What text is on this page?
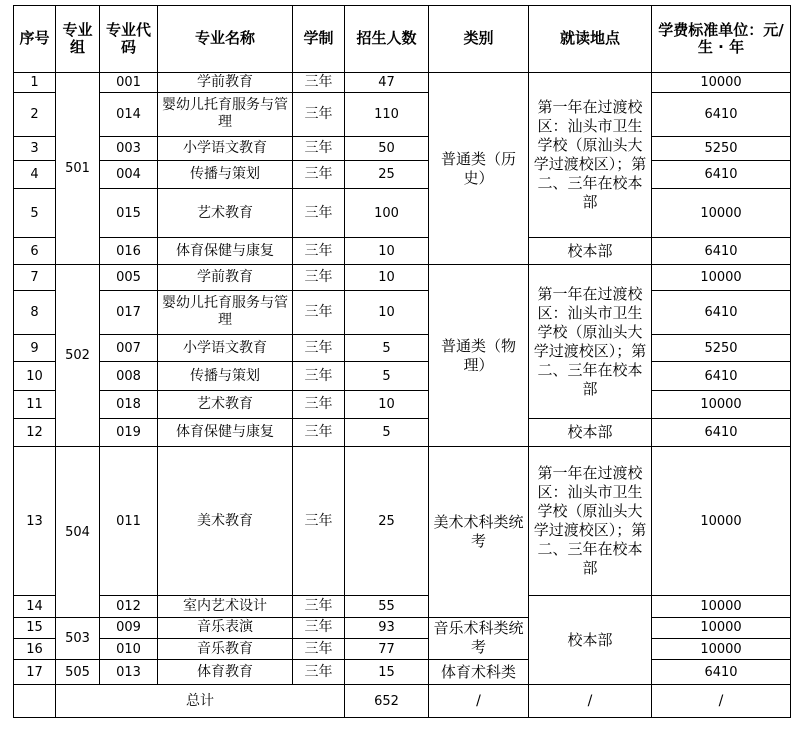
序号	专业组	专业代码	专业名称	学制	招生人数	类别	就读地点	学费标准单位：元/生 · 年
1	501	001	学前教育	三年	47	普通类（历史）	第一年在过渡校区：汕头市卫生学校（原汕头大学过渡校区）；第二、三年在校本部	10000
2		014	婴幼儿托育服务与管理	三年	110			6410
3		003	小学语文教育	三年	50			5250
4		004	传播与策划	三年	25			6410
5		015	艺术教育	三年	100			10000
6		016	体育保健与康复	三年	10		校本部	6410
7	502	005	学前教育	三年	10	普通类（物理）	第一年在过渡校区：汕头市卫生学校（原汕头大学过渡校区）；第二、三年在校本部	10000
8		017	婴幼儿托育服务与管理	三年	10			6410
9		007	小学语文教育	三年	5			5250
10		008	传播与策划	三年	5			6410
11		018	艺术教育	三年	10			10000
12		019	体育保健与康复	三年	5		校本部	6410
13	504	011	美术教育	三年	25	美术术科类统考	第一年在过渡校区：汕头市卫生学校（原汕头大学过渡校区）；第二、三年在校本部	10000
14		012	室内艺术设计	三年	55		校本部	10000
15	503	009	音乐表演	三年	93	音乐术科类统考		10000
16		010	音乐教育	三年	77			10000
17	505	013	体育教育	三年	15	体育术科类		6410
	总计				652	/	/	/
